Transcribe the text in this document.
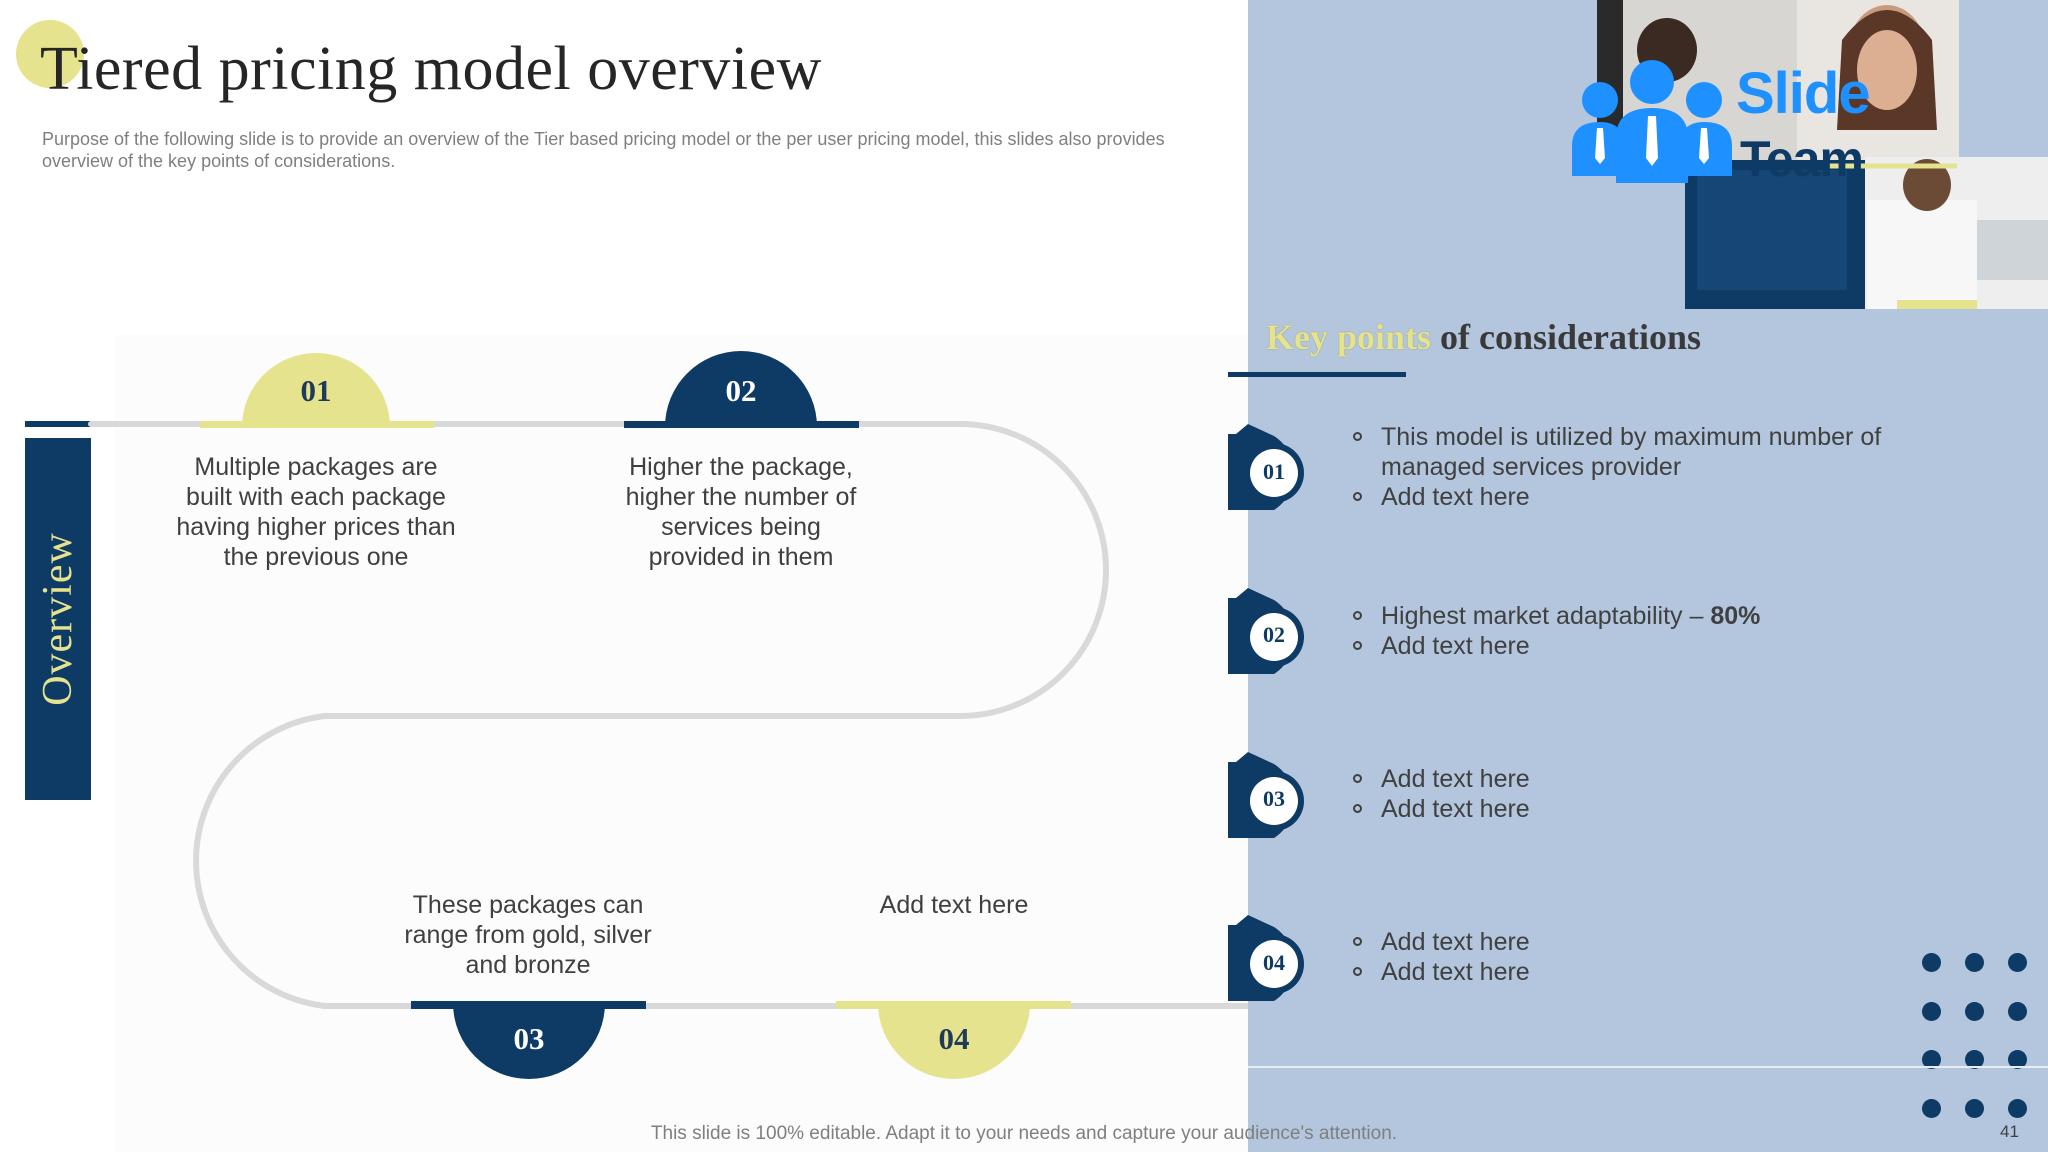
Tiered pricing model overview
Purpose of the following slide is to provide an overview of the Tier based pricing model or the per user pricing model, this slides also provides overview of the key points of considerations.
Overview
01	02
03	04
Multiple packages are built with each package having higher prices than the previous one
Higher the package, higher the number of services being provided in them
These packages can range from gold, silver and bronze
Add text here
Key points of considerations
01
02
03
04
This model is utilized by maximum number of managed services provider
Add text here
Highest market adaptability – 80%
Add text here
Add text here
Add text here
Add text here
Add text here
Slide
Team
This slide is 100% editable. Adapt it to your needs and capture your audience's attention.	41
